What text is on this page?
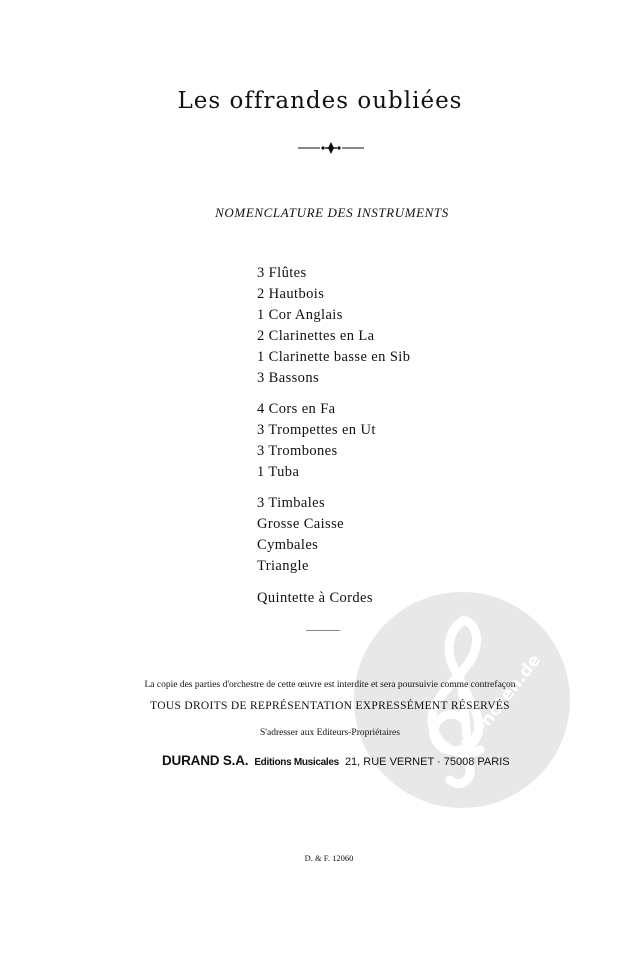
Les offrandes oubliées
NOMENCLATURE DES INSTRUMENTS
3 Flûtes
2 Hautbois
1 Cor Anglais
2 Clarinettes en La
1 Clarinette basse en Sib
3 Bassons
4 Cors en Fa
3 Trompettes en Ut
3 Trombones
1 Tuba
3 Timbales
Grosse Caisse
Cymbales
Triangle
Quintette à Cordes
alle-noten.de
La copie des parties d'orchestre de cette œuvre est interdite et sera poursuivie comme contrefaçon
TOUS DROITS DE REPRÉSENTATION EXPRESSÉMENT RÉSERVÉS
S'adresser aux Editeurs-Propriétaires
DURAND S.A. Editions Musicales 21, RUE VERNET · 75008 PARIS
D. & F. 12060
